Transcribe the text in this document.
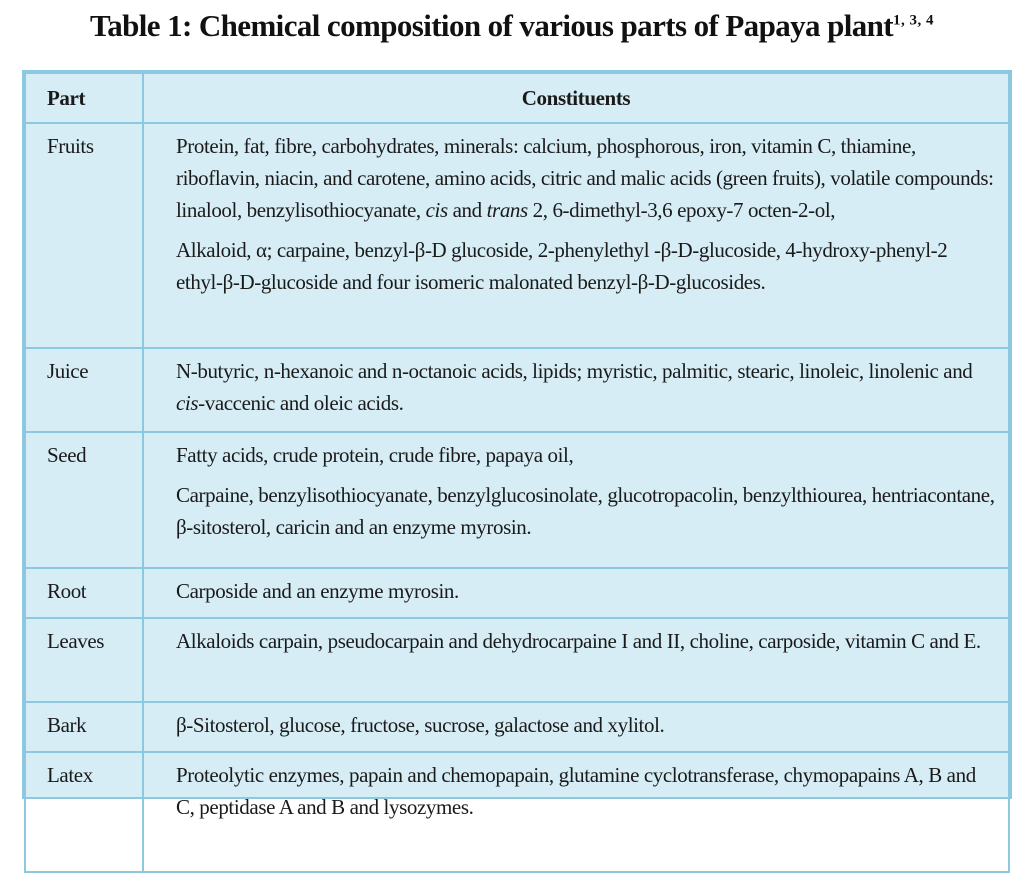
Table 1: Chemical composition of various parts of Papaya plant$^{1, 3, 4}$
Part	Constituents
Fruits	Protein, fat, fibre, carbohydrates, minerals: calcium, phosphorous, iron, vitamin C, thiamine, riboflavin, niacin, and carotene, amino acids, citric and malic acids (green fruits), volatile compounds: linalool, benzylisothiocyanate, cis and trans 2, 6-dimethyl-3,6 epoxy-7 octen-2-ol,
Alkaloid, α; carpaine, benzyl-β-D glucoside, 2-phenylethyl -β-D-glucoside, 4-hydroxy-phenyl-2 ethyl-β-D-glucoside and four isomeric malonated benzyl-β-D-glucosides.

Juice	N-butyric, n-hexanoic and n-octanoic acids, lipids; myristic, palmitic, stearic, linoleic, linolenic and cis-vaccenic and oleic acids.

Seed	Fatty acids, crude protein, crude fibre, papaya oil,
Carpaine, benzylisothiocyanate, benzylglucosinolate, glucotropacolin, benzylthiourea, hentriacontane, β-sitosterol, caricin and an enzyme myrosin.

Root	Carposide and an enzyme myrosin.

Leaves	Alkaloids carpain, pseudocarpain and dehydrocarpaine I and II, choline, carposide, vitamin C and E.

Bark	β-Sitosterol, glucose, fructose, sucrose, galactose and xylitol.

Latex	Proteolytic enzymes, papain and chemopapain, glutamine cyclotransferase, chymopapains A, B and C, peptidase A and B and lysozymes.
